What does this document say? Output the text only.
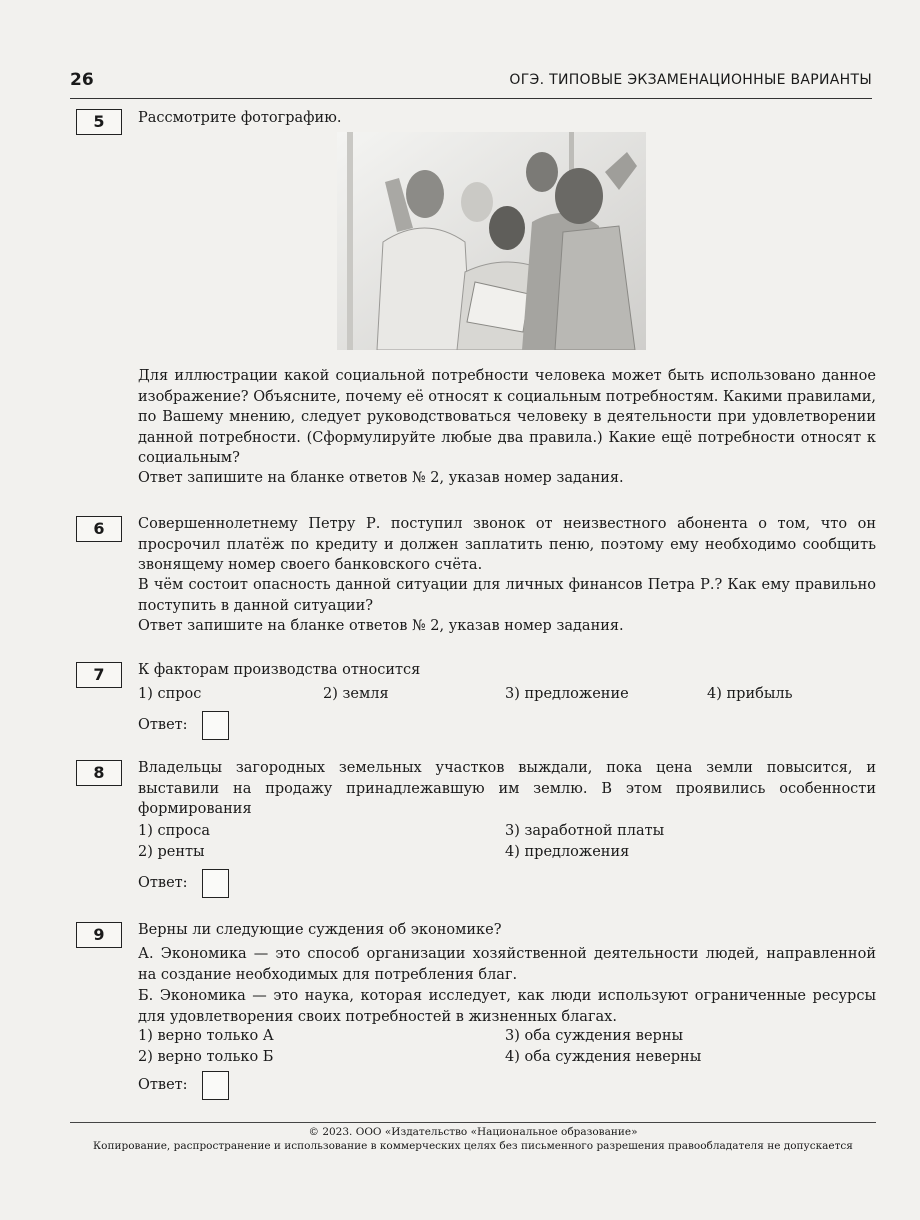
26	ОГЭ. ТИПОВЫЕ ЭКЗАМЕНАЦИОННЫЕ ВАРИАНТЫ
5	Рассмотрите фотографию.
Для иллюстрации какой социальной потребности человека может быть использовано данное изображение? Объясните, почему её относят к социальным потребностям. Какими правилами, по Вашему мнению, следует руководствоваться человеку в деятельности при удовлетворении данной потребности. (Сформулируйте любые два правила.) Какие ещё потребности относят к социальным?
Ответ запишите на бланке ответов № 2, указав номер задания.
6	Совершеннолетнему Петру Р. поступил звонок от неизвестного абонента о том, что он просрочил платёж по кредиту и должен заплатить пеню, поэтому ему необходимо сообщить звонящему номер своего банковского счёта.
В чём состоит опасность данной ситуации для личных финансов Петра Р.? Как ему правильно поступить в данной ситуации?
Ответ запишите на бланке ответов № 2, указав номер задания.
7	К факторам производства относится
1) спрос	2) земля	3) предложение	4) прибыль
Ответ:
8	Владельцы загородных земельных участков выждали, пока цена земли повысится, и выставили на продажу принадлежавшую им землю. В этом проявились особенности формирования
1) спроса
2) ренты
3) заработной платы
4) предложения
Ответ:
9	Верны ли следующие суждения об экономике?
А. Экономика — это способ организации хозяйственной деятельности людей, направленной на создание необходимых для потребления благ.
Б. Экономика — это наука, которая исследует, как люди используют ограниченные ресурсы для удовлетворения своих потребностей в жизненных благах.
1) верно только А
2) верно только Б
3) оба суждения верны
4) оба суждения неверны
Ответ:
© 2023. ООО «Издательство «Национальное образование»
Копирование, распространение и использование в коммерческих целях без письменного разрешения правообладателя не допускается
